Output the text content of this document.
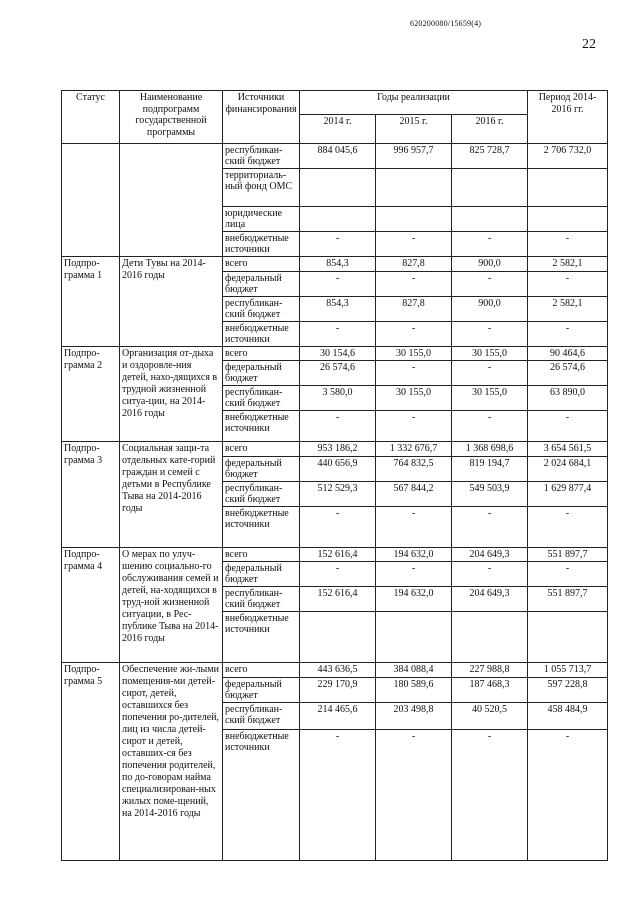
620200080/15659(4)
22
Статус	Наименование подпрограмм государственной программы	Источники финансирования	Годы реализации			Период 2014-2016 гг.
			2014 г.	2015 г.	2016 г.	
		республикан-ский бюджет	884 045,6	996 957,7	825 728,7	2 706 732,0
		территориаль-ный фонд ОМС				
		юридические лица				
		внебюджетные источники	-	-	-	-
Подпро-грамма 1	Дети Тувы на 2014-2016 годы	всего	854,3	827,8	900,0	2 582,1
		федеральный бюджет	-	-	-	-
		республикан-ский бюджет	854,3	827,8	900,0	2 582,1
		внебюджетные источники	-	-	-	-
Подпро-грамма 2	Организация от-дыха и оздоровле-ния детей, нахо-дящихся в трудной жизненной ситуа-ции, на 2014-2016 годы	всего	30 154,6	30 155,0	30 155,0	90 464,6
		федеральный бюджет	26 574,6	-	-	26 574,6
		республикан-ский бюджет	3 580,0	30 155,0	30 155,0	63 890,0
		внебюджетные источники	-	-	-	-
Подпро-грамма 3	Социальная защи-та отдельных кате-горий граждан и семей с детьми в Республике Тыва на 2014-2016 годы	всего	953 186,2	1 332 676,7	1 368 698,6	3 654 561,5
		федеральный бюджет	440 656,9	764 832,5	819 194,7	2 024 684,1
		республикан-ский бюджет	512 529,3	567 844,2	549 503,9	1 629 877,4
		внебюджетные источники	-	-	-	-
Подпро-грамма 4	О мерах по улуч-шению социально-го обслуживания семей и детей, на-ходящихся в труд-ной жизненной ситуации, в Рес-публике Тыва на 2014-2016 годы	всего	152 616,4	194 632,0	204 649,3	551 897,7
		федеральный бюджет	-	-	-	-
		республикан-ский бюджет	152 616,4	194 632,0	204 649,3	551 897,7
		внебюджетные источники				
Подпро-грамма 5	Обеспечение жи-лыми помещения-ми детей-сирот, детей, оставшихся без попечения ро-дителей, лиц из числа детей-сирот и детей, оставших-ся без попечения родителей, по до-говорам найма специализирован-ных жилых поме-щений, на 2014-2016 годы	всего	443 636,5	384 088,4	227 988,8	1 055 713,7
		федеральный бюджет	229 170,9	180 589,6	187 468,3	597 228,8
		республикан-ский бюджет	214 465,6	203 498,8	40 520,5	458 484,9
		внебюджетные источники	-	-	-	-
